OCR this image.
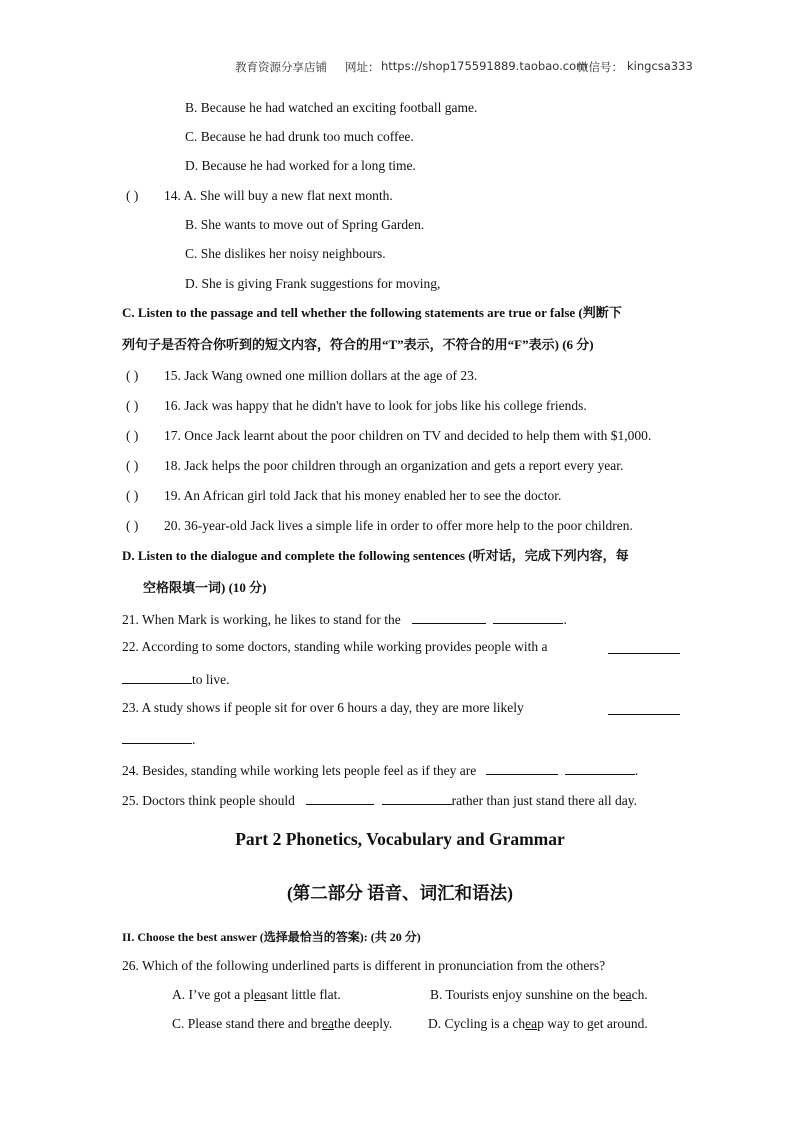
教育资源分享店铺 网址： https://shop175591889.taobao.com
微信号： kingcsa333
B. Because he had watched an exciting football game.
C. Because he had drunk too much coffee.
D. Because he had worked for a long time.
( ) 14. A. She will buy a new flat next month.
B. She wants to move out of Spring Garden.
C. She dislikes her noisy neighbours.
D. She is giving Frank suggestions for moving,
C. Listen to the passage and tell whether the following statements are true or false (判断下
列句子是否符合你听到的短文内容，符合的用“T”表示，不符合的用“F”表示) (6 分)
( ) 15. Jack Wang owned one million dollars at the age of 23.
( ) 16. Jack was happy that he didn't have to look for jobs like his college friends.
( ) 17. Once Jack learnt about the poor children on TV and decided to help them with $1,000.
( ) 18. Jack helps the poor children through an organization and gets a report every year.
( ) 19. An African girl told Jack that his money enabled her to see the doctor.
( ) 20. 36-year-old Jack lives a simple life in order to offer more help to the poor children.
D. Listen to the dialogue and complete the following sentences (听对话，完成下列内容，每
空格限填一词) (10 分)
21. When Mark is working, he likes to stand for the	.
22. According to some doctors, standing while working provides people with a
to live.
23. A study shows if people sit for over 6 hours a day, they are more likely
.
24. Besides, standing while working lets people feel as if they are	.
25. Doctors think people should	rather than just stand there all day.
Part 2 Phonetics, Vocabulary and Grammar
(第二部分 语音、词汇和语法)
II. Choose the best answer (选择最恰当的答案): (共 20 分)
26. Which of the following underlined parts is different in pronunciation from the others?
A. I’ve got a pleasant little flat.	B. Tourists enjoy sunshine on the beach.
C. Please stand there and breathe deeply.	D. Cycling is a cheap way to get around.
